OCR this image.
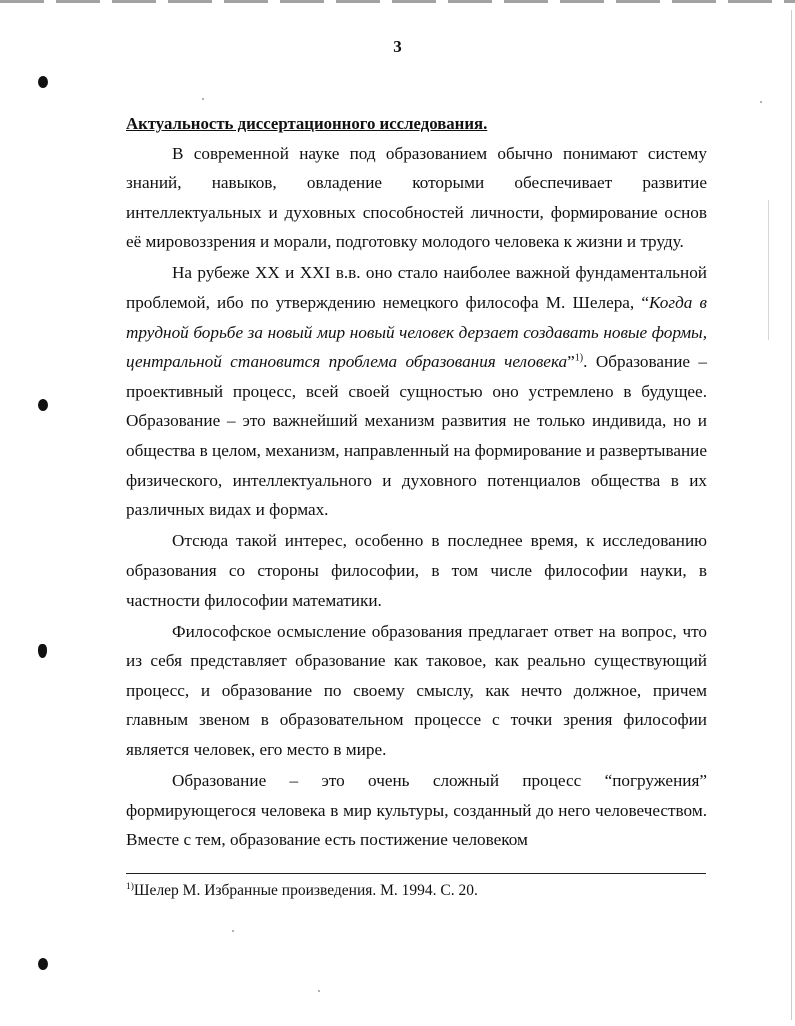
3

Актуальность диссертационного исследования.

В современной науке под образованием обычно понимают систему знаний, навыков, овладение которыми обеспечивает развитие интеллектуальных и духовных способностей личности, формирование основ её мировоззрения и морали, подготовку молодого человека к жизни и труду.

На рубеже XX и XXI в.в. оно стало наиболее важной фундаментальной проблемой, ибо по утверждению немецкого философа М. Шелера, “Когда в трудной борьбе за новый мир новый человек дерзает создавать новые формы, центральной становится проблема образования человека”$^{1)}$. Образование – проективный процесс, всей своей сущностью оно устремлено в будущее. Образование – это важнейший механизм развития не только индивида, но и общества в целом, механизм, направленный на формирование и развертывание физического, интеллектуального и духовного потенциалов общества в их различных видах и формах.

Отсюда такой интерес, особенно в последнее время, к исследованию образования со стороны философии, в том числе философии науки, в частности философии математики.

Философское осмысление образования предлагает ответ на вопрос, что из себя представляет образование как таковое, как реально существующий процесс, и образование по своему смыслу, как нечто должное, причем главным звеном в образовательном процессе с точки зрения философии является человек, его место в мире.

Образование – это очень сложный процесс “погружения” формирующегося человека в мир культуры, созданный до него человечеством. Вместе с тем, образование есть постижение человеком

$^{1)}$Шелер М. Избранные произведения. М. 1994. С. 20.
